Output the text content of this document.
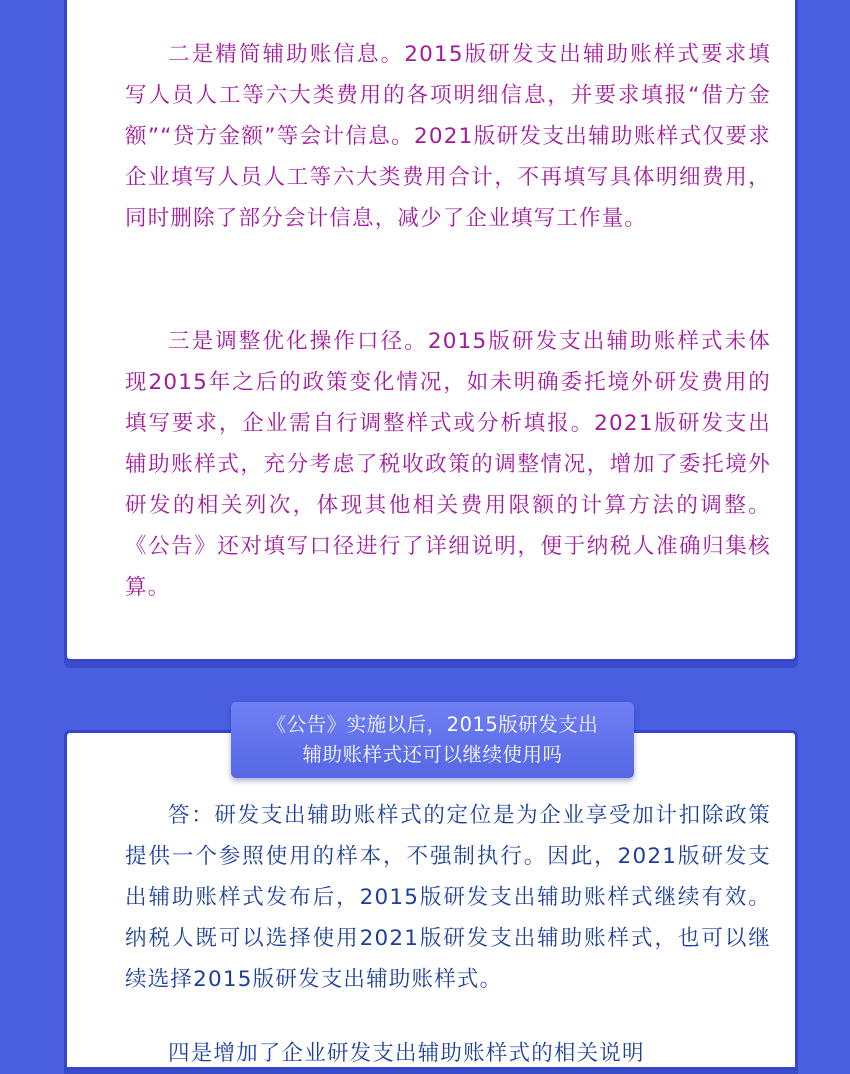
二是精简辅助账信息。2015版研发支出辅助账样式要求填写人员人工等六大类费用的各项明细信息，并要求填报“借方金额”“贷方金额”等会计信息。2021版研发支出辅助账样式仅要求企业填写人员人工等六大类费用合计，不再填写具体明细费用，同时删除了部分会计信息，减少了企业填写工作量。

三是调整优化操作口径。2015版研发支出辅助账样式未体现2015年之后的政策变化情况，如未明确委托境外研发费用的填写要求，企业需自行调整样式或分析填报。2021版研发支出辅助账样式，充分考虑了税收政策的调整情况，增加了委托境外研发的相关列次，体现其他相关费用限额的计算方法的调整。《公告》还对填写口径进行了详细说明，便于纳税人准确归集核算。

《公告》实施以后，2015版研发支出
辅助账样式还可以继续使用吗

答：研发支出辅助账样式的定位是为企业享受加计扣除政策提供一个参照使用的样本，不强制执行。因此，2021版研发支出辅助账样式发布后，2015版研发支出辅助账样式继续有效。纳税人既可以选择使用2021版研发支出辅助账样式，也可以继续选择2015版研发支出辅助账样式。

四是增加了企业研发支出辅助账样式的相关说明
